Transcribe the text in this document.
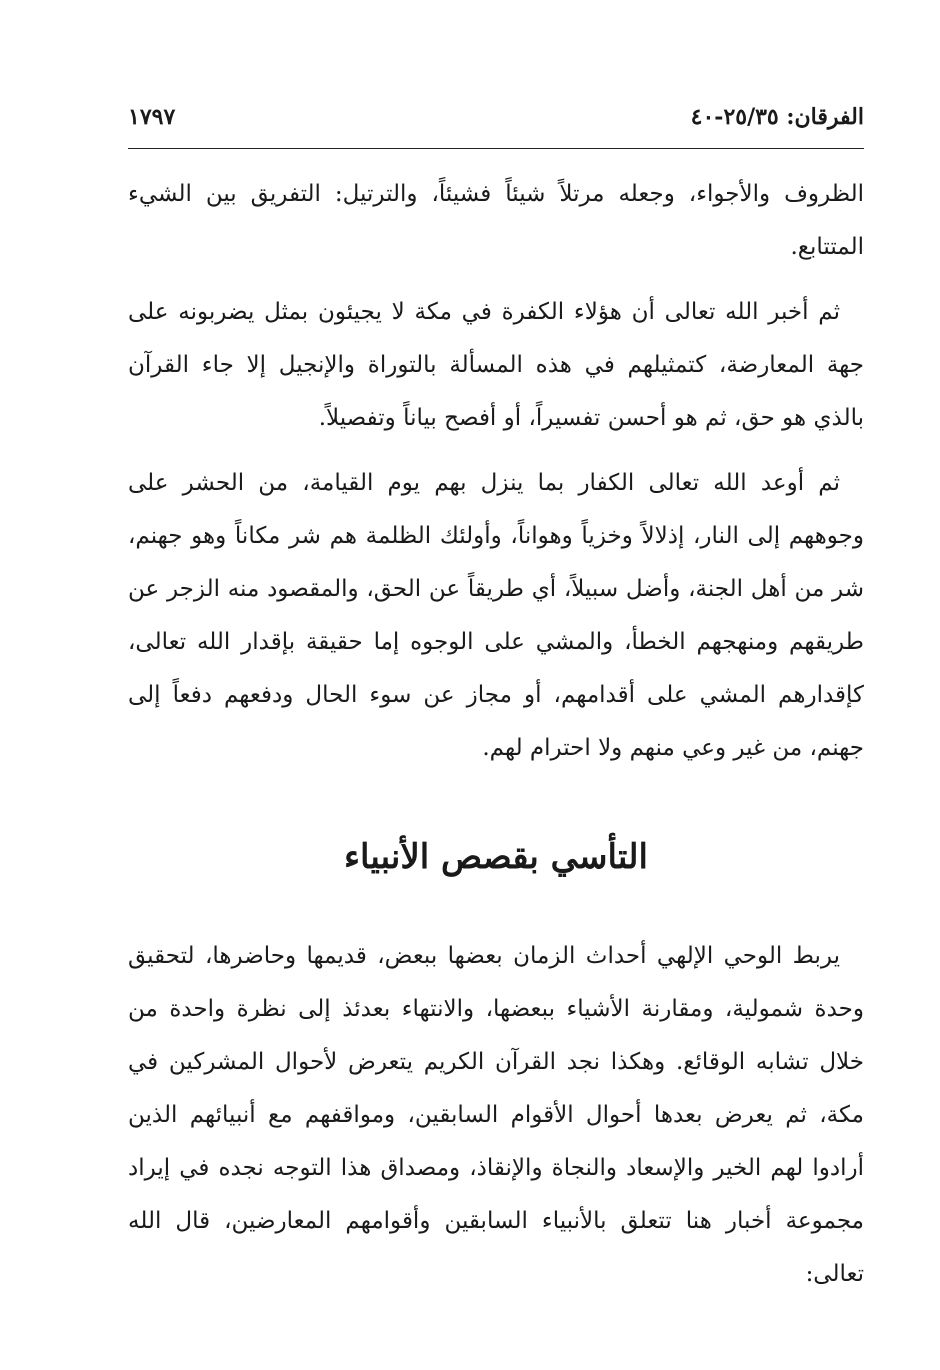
الفرقان: ٢٥/٣٥-٤٠
١٧٩٧

الظروف والأجواء، وجعله مرتلاً شيئاً فشيئاً، والترتيل: التفريق بين الشيء المتتابع.

ثم أخبر الله تعالى أن هؤلاء الكفرة في مكة لا يجيئون بمثل يضربونه على جهة المعارضة، كتمثيلهم في هذه المسألة بالتوراة والإنجيل إلا جاء القرآن بالذي هو حق، ثم هو أحسن تفسيراً، أو أفصح بياناً وتفصيلاً.

ثم أوعد الله تعالى الكفار بما ينزل بهم يوم القيامة، من الحشر على وجوههم إلى النار، إذلالاً وخزياً وهواناً، وأولئك الظلمة هم شر مكاناً وهو جهنم، شر من أهل الجنة، وأضل سبيلاً، أي طريقاً عن الحق، والمقصود منه الزجر عن طريقهم ومنهجهم الخطأ، والمشي على الوجوه إما حقيقة بإقدار الله تعالى، كإقدارهم المشي على أقدامهم، أو مجاز عن سوء الحال ودفعهم دفعاً إلى جهنم، من غير وعي منهم ولا احترام لهم.

التأسي بقصص الأنبياء

يربط الوحي الإلهي أحداث الزمان بعضها ببعض، قديمها وحاضرها، لتحقيق وحدة شمولية، ومقارنة الأشياء ببعضها، والانتهاء بعدئذ إلى نظرة واحدة من خلال تشابه الوقائع. وهكذا نجد القرآن الكريم يتعرض لأحوال المشركين في مكة، ثم يعرض بعدها أحوال الأقوام السابقين، ومواقفهم مع أنبيائهم الذين أرادوا لهم الخير والإسعاد والنجاة والإنقاذ، ومصداق هذا التوجه نجده في إيراد مجموعة أخبار هنا تتعلق بالأنبياء السابقين وأقوامهم المعارضين، قال الله تعالى:
